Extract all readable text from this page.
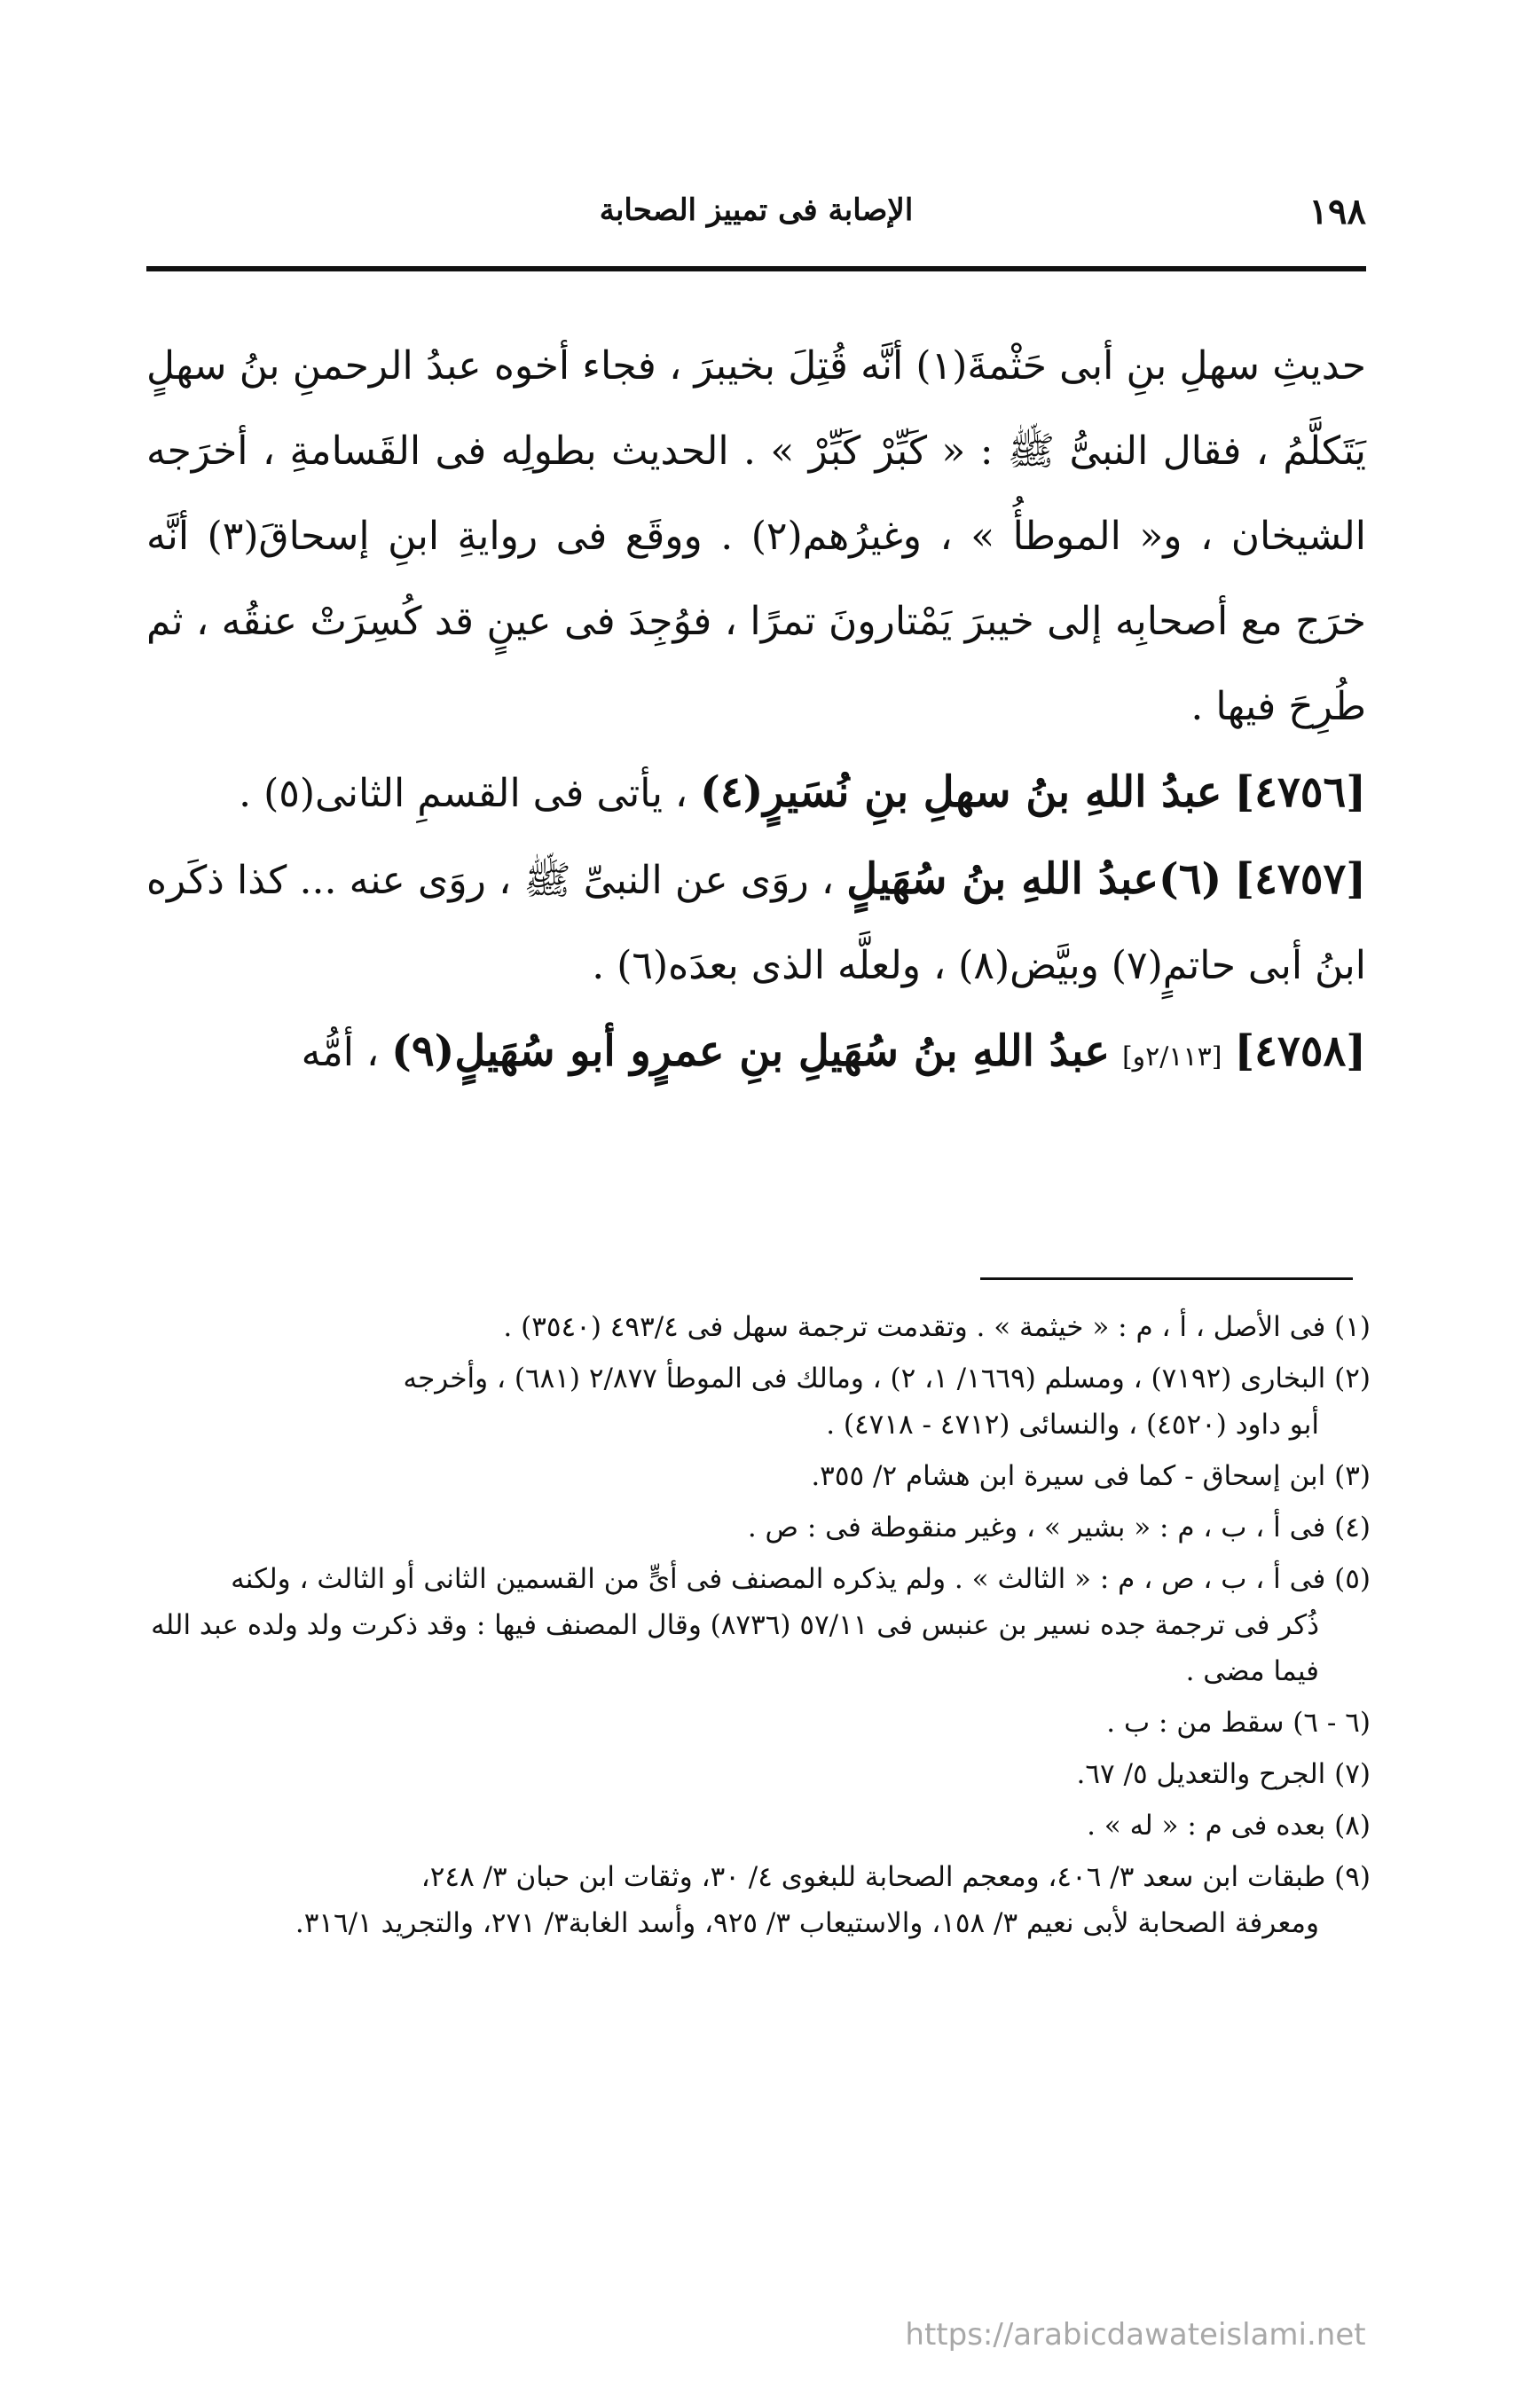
١٩٨
الإصابة فى تمييز الصحابة

حديثِ سهلِ بنِ أبى حَثْمةَ(١) أنَّه قُتِلَ بخيبرَ ، فجاء أخوه عبدُ الرحمنِ بنُ سهلٍ يَتَكلَّمُ ، فقال النبىُّ ﷺ : « كَبِّرْ كَبِّرْ » . الحديث بطولِه فى القَسامةِ ، أخرَجه الشيخان ، و« الموطأُ » ، وغيرُهم(٢) . ووقَع فى روايةِ ابنِ إسحاقَ(٣) أنَّه خرَج مع أصحابِه إلى خيبرَ يَمْتارونَ تمرًا ، فوُجِدَ فى عينٍ قد كُسِرَتْ عنقُه ، ثم طُرِحَ فيها .

[٤٧٥٦] عبدُ اللهِ بنُ سهلِ بنِ نُسَيرٍ(٤) ، يأتى فى القسمِ الثانى(٥) .

[٤٧٥٧] (٦)عبدُ اللهِ بنُ سُهَيلٍ ، روَى عن النبىِّ ﷺ ، روَى عنه ... كذا ذكَره ابنُ أبى حاتمٍ(٧) وبيَّض(٨) ، ولعلَّه الذى بعدَه(٦) .

[٤٧٥٨] [٢/١١٣و] عبدُ اللهِ بنُ سُهَيلِ بنِ عمرٍو أبو سُهَيلٍ(٩) ، أمُّه

(١) فى الأصل ، أ ، م : « خيثمة » . وتقدمت ترجمة سهل فى ٤٩٣/٤ (٣٥٤٠) .
(٢) البخارى (٧١٩٢) ، ومسلم (١٦٦٩/ ١، ٢) ، ومالك فى الموطأ ٢/٨٧٧ (٦٨١) ، وأخرجه
أبو داود (٤٥٢٠) ، والنسائى (٤٧١٢ - ٤٧١٨) .
(٣) ابن إسحاق - كما فى سيرة ابن هشام ٢/ ٣٥٥.
(٤) فى أ ، ب ، م : « بشير » ، وغير منقوطة فى : ص .
(٥) فى أ ، ب ، ص ، م : « الثالث » . ولم يذكره المصنف فى أىٍّ من القسمين الثانى أو الثالث ، ولكنه
ذُكر فى ترجمة جده نسير بن عنبس فى ٥٧/١١ (٨٧٣٦) وقال المصنف فيها : وقد ذكرت ولد ولده عبد الله فيما مضى .
(٦ - ٦) سقط من : ب .
(٧) الجرح والتعديل ٥/ ٦٧.
(٨) بعده فى م : « له » .
(٩) طبقات ابن سعد ٣/ ٤٠٦، ومعجم الصحابة للبغوى ٤/ ٣٠، وثقات ابن حبان ٣/ ٢٤٨،
ومعرفة الصحابة لأبى نعيم ٣/ ١٥٨، والاستيعاب ٣/ ٩٢٥، وأسد الغابة٣/ ٢٧١، والتجريد ٣١٦/١.
https://arabicdawateislami.net
